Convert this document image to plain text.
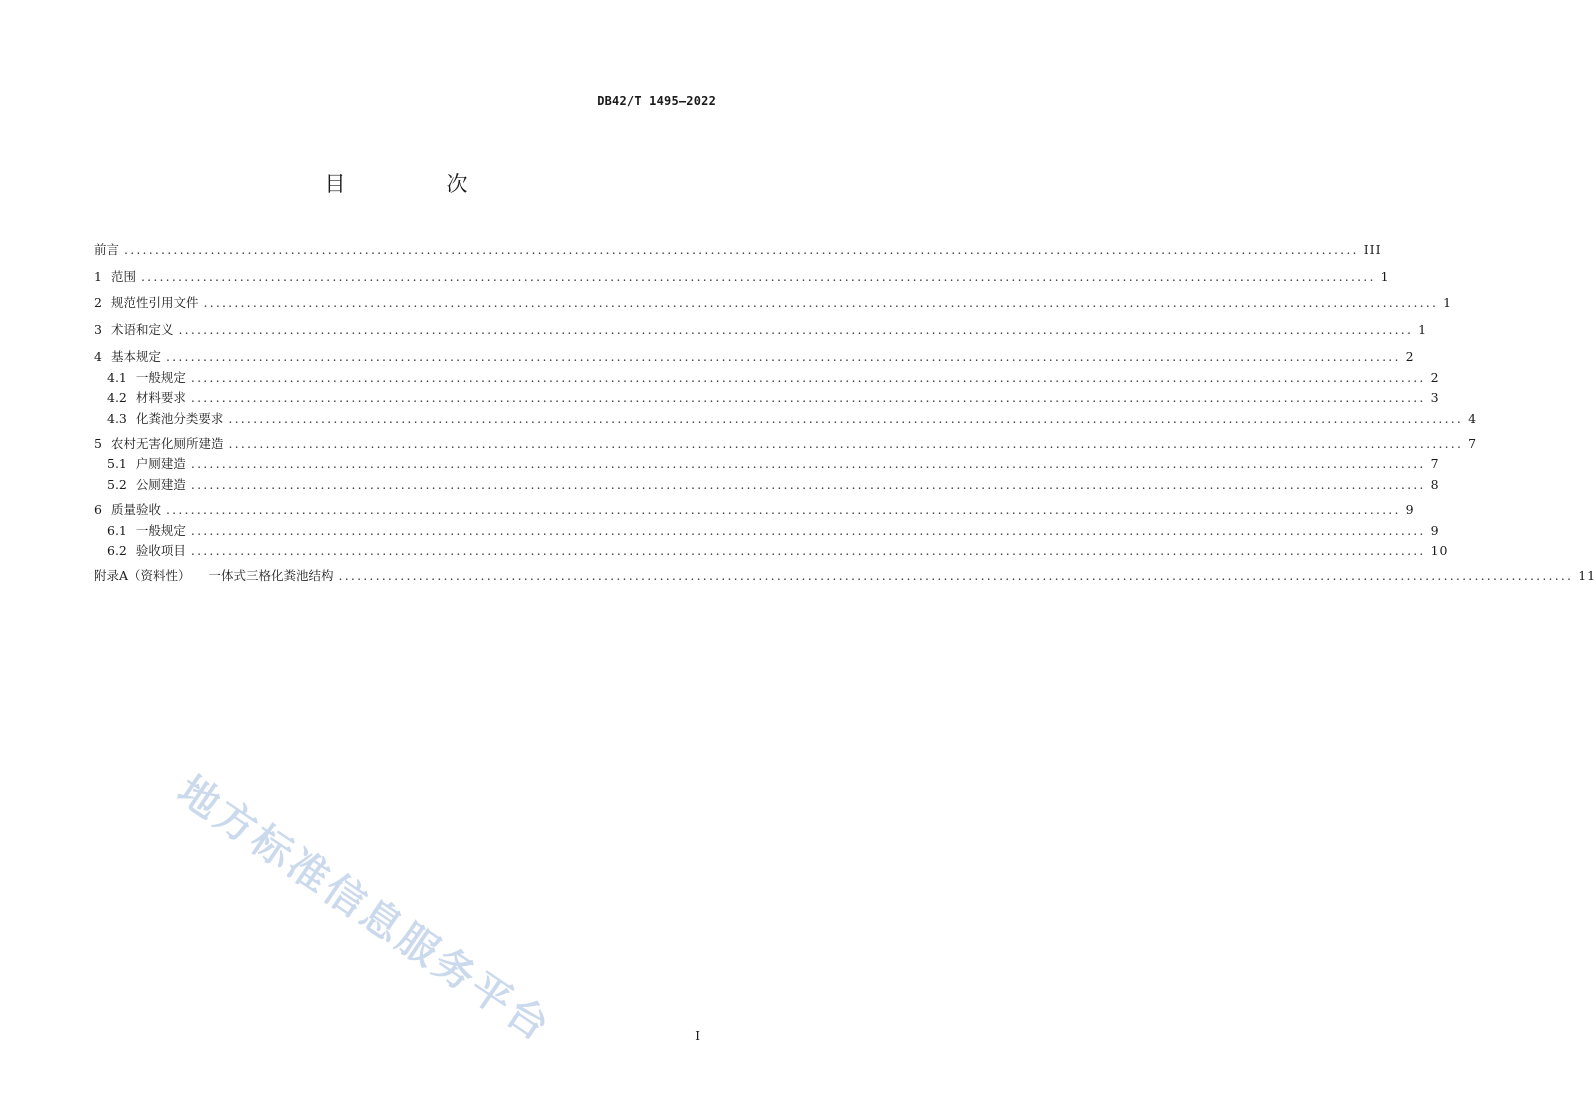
DB42/T 1495—2022
目　次
前言 ........................................................................................................................................................................................................ III
1 范围 ........................................................................................................................................................................................................ 1
2 规范性引用文件 ........................................................................................................................................................................................................ 1
3 术语和定义 ........................................................................................................................................................................................................ 1
4 基本规定 ........................................................................................................................................................................................................ 2
4.1 一般规定 ........................................................................................................................................................................................................ 2
4.2 材料要求 ........................................................................................................................................................................................................ 3
4.3 化粪池分类要求 ........................................................................................................................................................................................................ 4
5 农村无害化厕所建造 ........................................................................................................................................................................................................ 7
5.1 户厕建造 ........................................................................................................................................................................................................ 7
5.2 公厕建造 ........................................................................................................................................................................................................ 8
6 质量验收 ........................................................................................................................................................................................................ 9
6.1 一般规定 ........................................................................................................................................................................................................ 9
6.2 验收项目 ........................................................................................................................................................................................................ 10
附录A（资料性） 一体式三格化粪池结构 ........................................................................................................................................................................................................ 11
地方标准信息服务平台	I
